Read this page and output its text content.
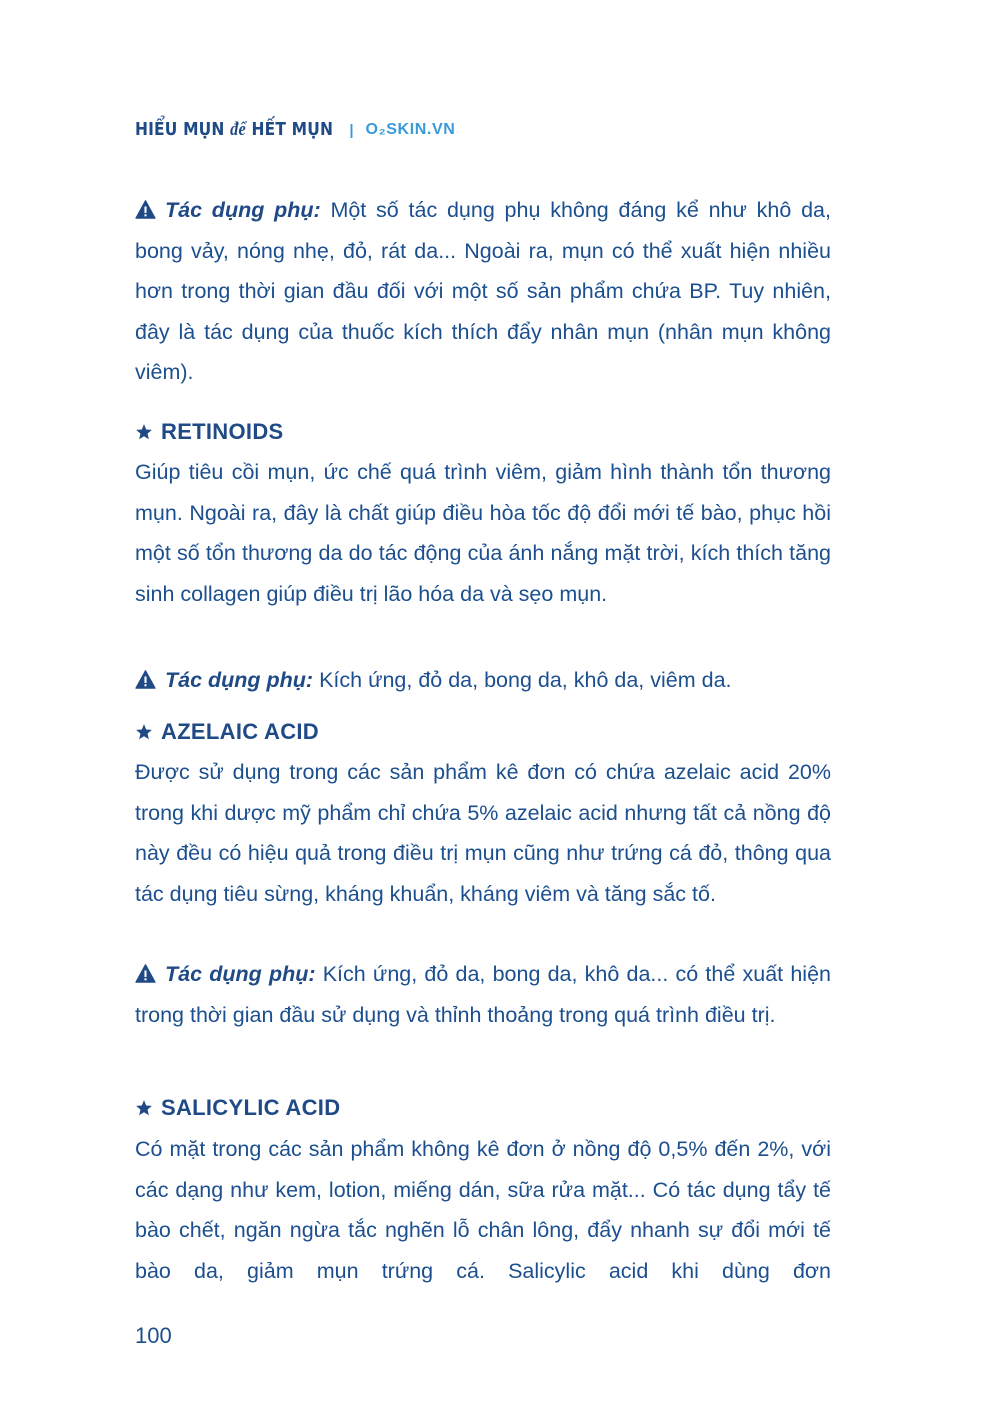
HIỂU MỤN để HẾT MỤN | O₂SKIN.VN

Tác dụng phụ: Một số tác dụng phụ không đáng kể như khô da, bong vảy, nóng nhẹ, đỏ, rát da... Ngoài ra, mụn có thể xuất hiện nhiều hơn trong thời gian đầu đối với một số sản phẩm chứa BP. Tuy nhiên, đây là tác dụng của thuốc kích thích đẩy nhân mụn (nhân mụn không viêm).

RETINOIDS

Giúp tiêu cồi mụn, ức chế quá trình viêm, giảm hình thành tổn thương mụn. Ngoài ra, đây là chất giúp điều hòa tốc độ đổi mới tế bào, phục hồi một số tổn thương da do tác động của ánh nắng mặt trời, kích thích tăng sinh collagen giúp điều trị lão hóa da và sẹo mụn.

Tác dụng phụ: Kích ứng, đỏ da, bong da, khô da, viêm da.

AZELAIC ACID

Được sử dụng trong các sản phẩm kê đơn có chứa azelaic acid 20% trong khi dược mỹ phẩm chỉ chứa 5% azelaic acid nhưng tất cả nồng độ này đều có hiệu quả trong điều trị mụn cũng như trứng cá đỏ, thông qua tác dụng tiêu sừng, kháng khuẩn, kháng viêm và tăng sắc tố.

Tác dụng phụ: Kích ứng, đỏ da, bong da, khô da... có thể xuất hiện trong thời gian đầu sử dụng và thỉnh thoảng trong quá trình điều trị.

SALICYLIC ACID

Có mặt trong các sản phẩm không kê đơn ở nồng độ 0,5% đến 2%, với các dạng như kem, lotion, miếng dán, sữa rửa mặt... Có tác dụng tẩy tế bào chết, ngăn ngừa tắc nghẽn lỗ chân lông, đẩy nhanh sự đổi mới tế bào da, giảm mụn trứng cá. Salicylic acid khi dùng đơn

100
